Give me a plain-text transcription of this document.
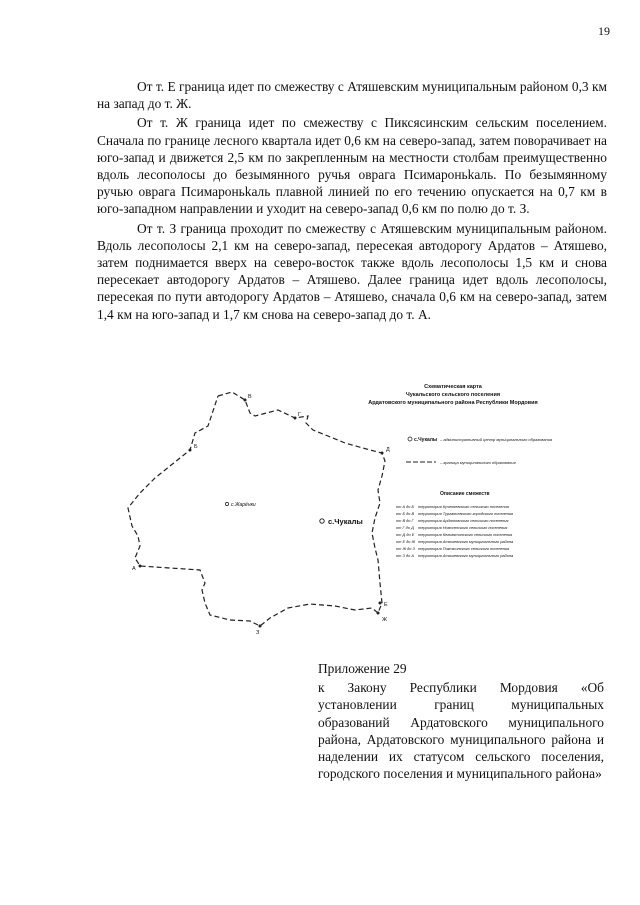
19

От т. Е граница идет по смежеству с Атяшевским муниципальным районом 0,3 км на запад до т. Ж.

От т. Ж граница идет по смежеству с Пиксясинским сельским поселением. Сначала по границе лесного квартала идет 0,6 км на северо-запад, затем поворачивает на юго-запад и движется 2,5 км по закрепленным на местности столбам преимущественно вдоль лесополосы до безымянного ручья оврага Псимароньkаль. По безымянному ручью оврага Псимароньkаль плавной линией по его течению опускается на 0,7 км в юго-западном направлении и уходит на северо-запад 0,6 км по полю до т. З.

От т. З граница проходит по смежеству с Атяшевским муниципальным районом. Вдоль лесополосы 2,1 км на северо-запад, пересекая автодорогу Ардатов – Атяшево, затем поднимается вверх на северо-восток также вдоль лесополосы 1,5 км и снова пересекает автодорогу Ардатов – Атяшево. Далее граница идет вдоль лесополосы, пересекая по пути автодорогу Ардатов – Атяшево, сначала 0,6 км на северо-запад, затем 1,4 км на юго-запад и 1,7 км снова на северо-запад до т. А.

А
Б
В
Г
Д
Е
Ж
З
с.Чукалы
с.Жарёнки
Схематическая карта
Чукальского сельского поселения
Ардатовского муниципального района Республики Мордовия
с.Чукалы – административный центр муниципального образования
– граница муниципального образования
Описание смежеств
от А до Б территория Кученяевского сельского поселения
от Б до В территория Турганьевского городского поселения
от В до Г территория Ардатовского сельского поселения
от Г до Д территория Новоселского сельского поселения
от Д до Е территория Кельвятинского сельского поселения
от Е до Ж территория Атяшевского муниципального района
от Ж до З территория Пиксясинского сельского поселения
от З до А территория Атяшевского муниципального района
Приложение 29
к Закону Республики Мордовия «Об установлении границ муниципальных образований Ардатовского муниципального района, Ардатовского муниципального района и наделении их статусом сельского поселения, городского поселения и муниципального района»
